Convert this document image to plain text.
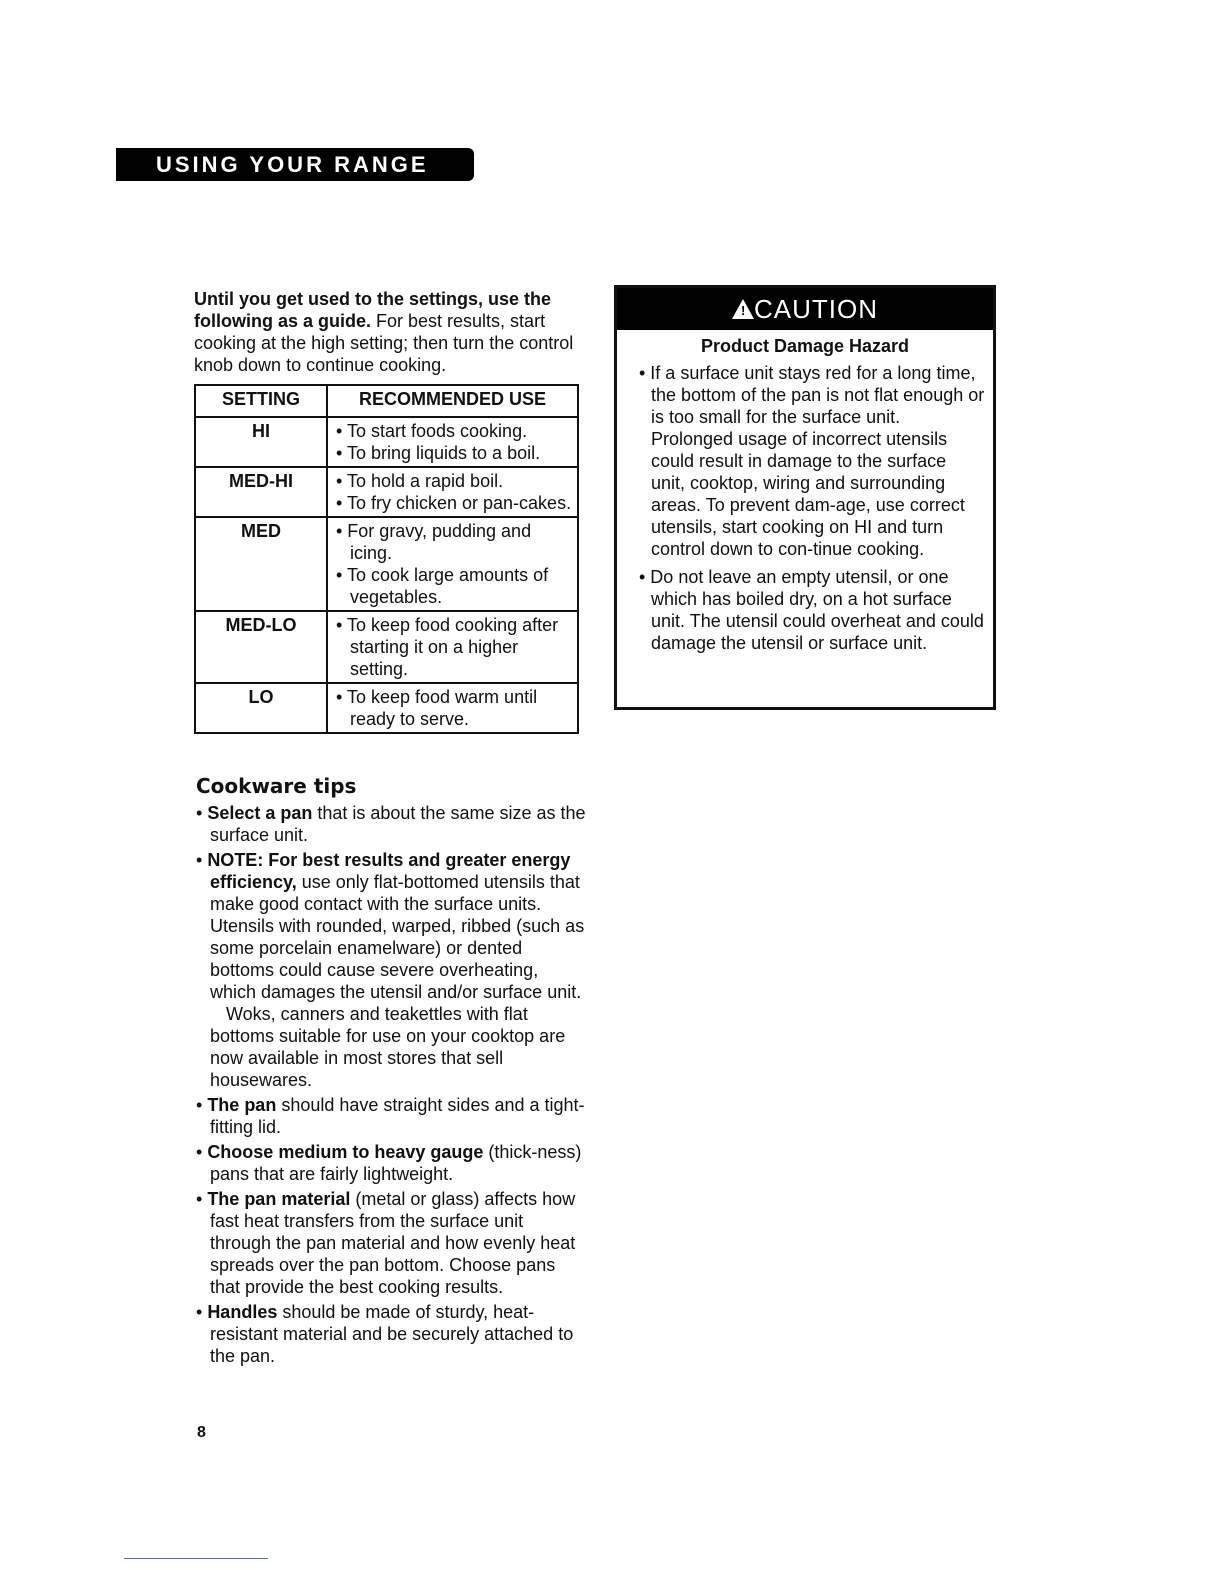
USING YOUR RANGE
Until you get used to the settings, use the following as a guide. For best results, start cooking at the high setting; then turn the control knob down to continue cooking.
SETTING	RECOMMENDED USE
HI	• To start foods cooking.
• To bring liquids to a boil.

MED-HI	• To hold a rapid boil.
• To fry chicken or pan-cakes.

MED	• For gravy, pudding and icing.
• To cook large amounts of vegetables.

MED-LO	• To keep food cooking after starting it on a higher setting.

LO	• To keep food warm until ready to serve.
Cookware tips
• Select a pan that is about the same size as the surface unit.
• NOTE: For best results and greater energy efficiency, use only flat-bottomed utensils that make good contact with the surface units. Utensils with rounded, warped, ribbed (such as some porcelain enamelware) or dented bottoms could cause severe overheating, which damages the utensil and/or surface unit.
Woks, canners and teakettles with flat bottoms suitable for use on your cooktop are now available in most stores that sell housewares.
• The pan should have straight sides and a tight-fitting lid.
• Choose medium to heavy gauge (thick-ness) pans that are fairly lightweight.
• The pan material (metal or glass) affects how fast heat transfers from the surface unit through the pan material and how evenly heat spreads over the pan bottom. Choose pans that provide the best cooking results.
• Handles should be made of sturdy, heat-resistant material and be securely attached to the pan.
8
! CAUTION
Product Damage Hazard
• If a surface unit stays red for a long time, the bottom of the pan is not flat enough or is too small for the surface unit. Prolonged usage of incorrect utensils could result in damage to the surface unit, cooktop, wiring and surrounding areas. To prevent dam-age, use correct utensils, start cooking on HI and turn control down to con-tinue cooking.
• Do not leave an empty utensil, or one which has boiled dry, on a hot surface unit. The utensil could overheat and could damage the utensil or surface unit.
